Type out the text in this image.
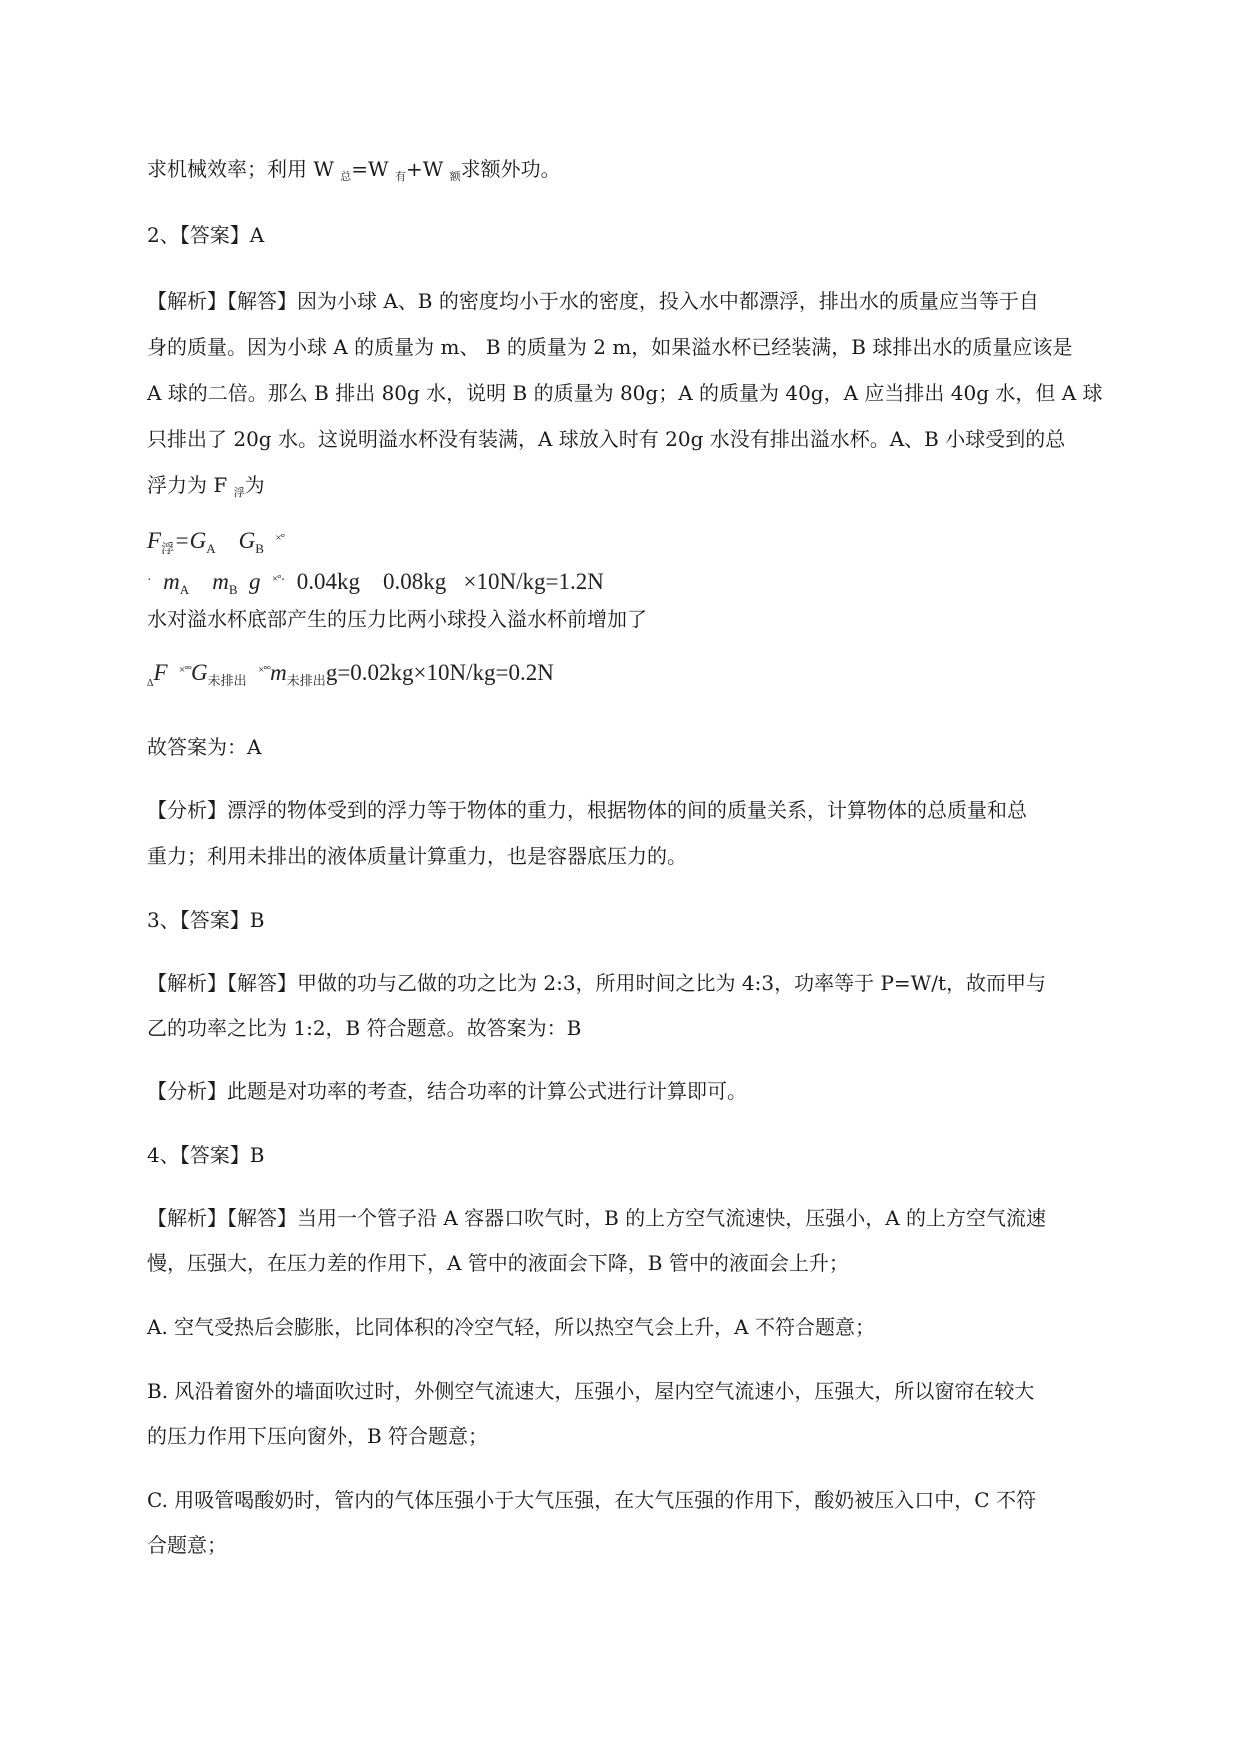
求机械效率；利用 W $_总$=W $_有$+W $_额$求额外功。
2、【答案】A
【解析】【解答】因为小球 A、B 的密度均小于水的密度，投入水中都漂浮，排出水的质量应当等于自
身的质量。因为小球 A 的质量为 m、 B 的质量为 2 m，如果溢水杯已经装满，B 球排出水的质量应该是
A 球的二倍。那么 B 排出 80g 水，说明 B 的质量为 80g；A 的质量为 40g，A 应当排出 40g 水，但 A 球
只排出了 20g 水。这说明溢水杯没有装满，A 球放入时有 20g 水没有排出溢水杯。A、B 小球受到的总
浮力为 F $_浮$为
$F_浮=G_A$ $G_B$  ×°
· $m_A$ $m_B$ g ×°· 0.04kg 0.08kg ×10N/kg=1.2N
水对溢水杯底部产生的压力比两小球投入溢水杯前增加了
$_\Delta$F $^{\times^\circ^\circ}G_{未排出}$  $^{\times^\circ^\circ}m_{未排出}g=0.02kg\times 10N/kg=0.2N$
故答案为：A
【分析】漂浮的物体受到的浮力等于物体的重力，根据物体的间的质量关系，计算物体的总质量和总
重力；利用未排出的液体质量计算重力，也是容器底压力的。
3、【答案】B
【解析】【解答】甲做的功与乙做的功之比为 2:3，所用时间之比为 4:3，功率等于 P=W/t，故而甲与
乙的功率之比为 1:2，B 符合题意。故答案为：B
【分析】此题是对功率的考查，结合功率的计算公式进行计算即可。
4、【答案】B
【解析】【解答】当用一个管子沿 A 容器口吹气时，B 的上方空气流速快，压强小，A 的上方空气流速
慢，压强大，在压力差的作用下，A 管中的液面会下降，B 管中的液面会上升；
A. 空气受热后会膨胀，比同体积的冷空气轻，所以热空气会上升，A 不符合题意；
B. 风沿着窗外的墙面吹过时，外侧空气流速大，压强小，屋内空气流速小，压强大，所以窗帘在较大
的压力作用下压向窗外，B 符合题意；
C. 用吸管喝酸奶时，管内的气体压强小于大气压强，在大气压强的作用下，酸奶被压入口中，C 不符
合题意；
